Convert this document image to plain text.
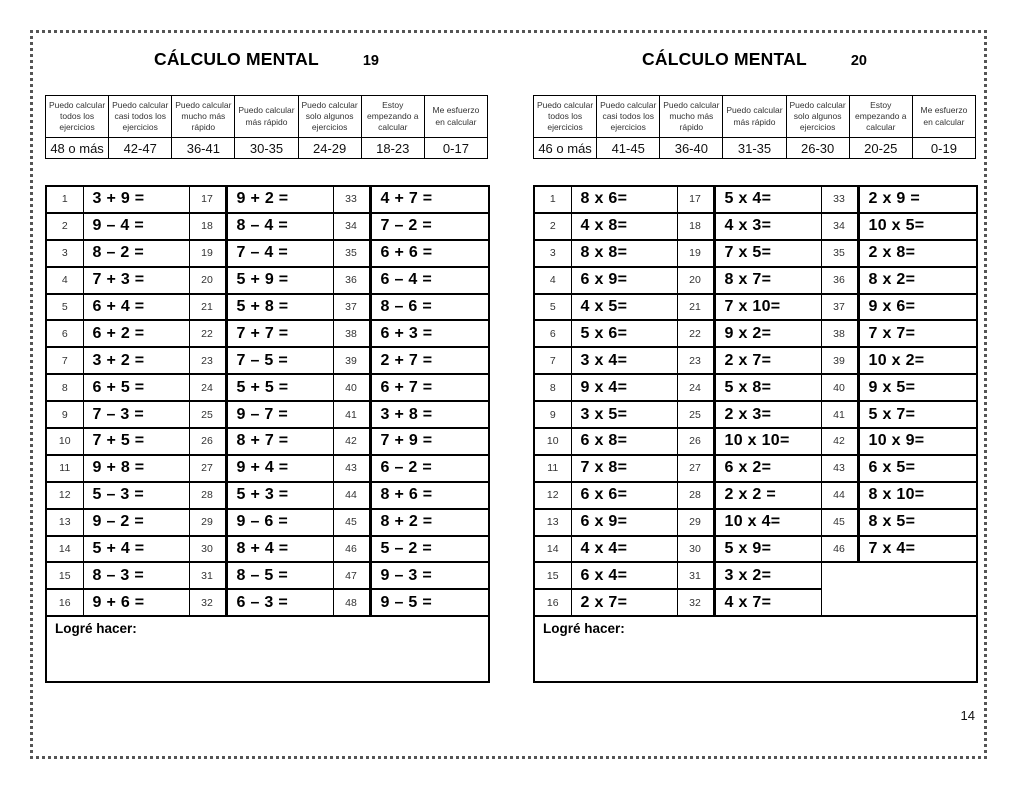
CÁLCULO MENTAL	19
Puedo calcular todos los ejercicios	Puedo calcular casi todos los ejercicios	Puedo calcular mucho más rápido	Puedo calcular más rápido	Puedo calcular solo algunos ejercicios	Estoy empezando a calcular	Me esfuerzo en calcular
48 o más	42-47	36-41	30-35	24-29	18-23	0-17
1	3 + 9 =	17	9 + 2 =	33	4 + 7 =
2	9 – 4 =	18	8 – 4 =	34	7 – 2 =
3	8 – 2 =	19	7 – 4 =	35	6 + 6 =
4	7 + 3 =	20	5 + 9 =	36	6 – 4 =
5	6 + 4 =	21	5 + 8 =	37	8 – 6 =
6	6 + 2 =	22	7 + 7 =	38	6 + 3 =
7	3 + 2 =	23	7 – 5 =	39	2 + 7 =
8	6 + 5 =	24	5 + 5 =	40	6 + 7 =
9	7 – 3 =	25	9 – 7 =	41	3 + 8 =
10	7 + 5 =	26	8 + 7 =	42	7 + 9 =
11	9 + 8 =	27	9 + 4 =	43	6 – 2 =
12	5 – 3 =	28	5 + 3 =	44	8 + 6 =
13	9 – 2 =	29	9 – 6 =	45	8 + 2 =
14	5 + 4 =	30	8 + 4 =	46	5 – 2 =
15	8 – 3 =	31	8 – 5 =	47	9 – 3 =
16	9 + 6 =	32	6 – 3 =	48	9 – 5 =
Logré hacer:					
CÁLCULO MENTAL	20
Puedo calcular todos los ejercicios	Puedo calcular casi todos los ejercicios	Puedo calcular mucho más rápido	Puedo calcular más rápido	Puedo calcular solo algunos ejercicios	Estoy empezando a calcular	Me esfuerzo en calcular
46 o más	41-45	36-40	31-35	26-30	20-25	0-19
1	8 x 6=	17	5 x 4=	33	2 x 9 =
2	4 x 8=	18	4 x 3=	34	10 x 5=
3	8 x 8=	19	7 x 5=	35	2 x 8=
4	6 x 9=	20	8 x 7=	36	8 x 2=
5	4 x 5=	21	7 x 10=	37	9 x 6=
6	5 x 6=	22	9 x 2=	38	7 x 7=
7	3 x 4=	23	2 x 7=	39	10 x 2=
8	9 x 4=	24	5 x 8=	40	9 x 5=
9	3 x 5=	25	2 x 3=	41	5 x 7=
10	6 x 8=	26	10 x 10=	42	10 x 9=
11	7 x 8=	27	6 x 2=	43	6 x 5=
12	6 x 6=	28	2 x 2 =	44	8 x 10=
13	6 x 9=	29	10 x 4=	45	8 x 5=
14	4 x 4=	30	5 x 9=	46	7 x 4=
15	6 x 4=	31	3 x 2=		
16	2 x 7=	32	4 x 7=		
Logré hacer:					
14
